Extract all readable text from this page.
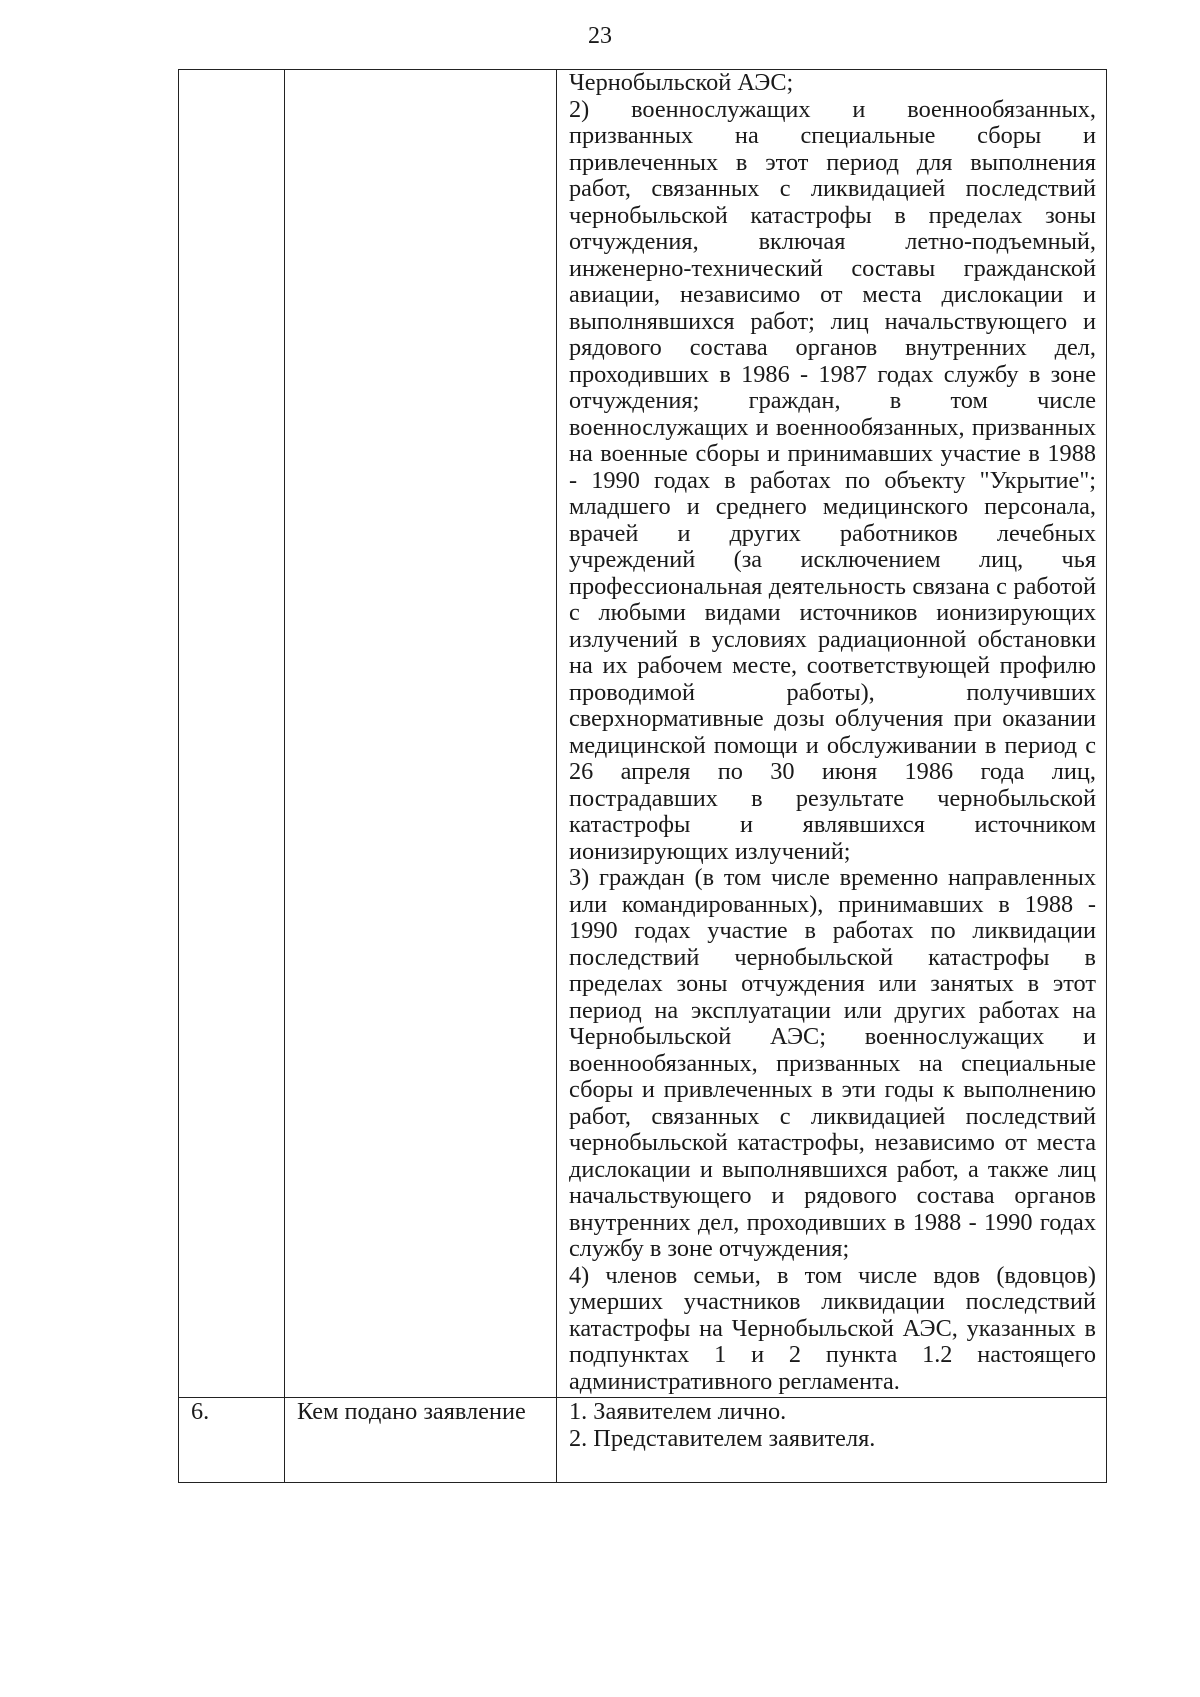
23

		Чернобыльской АЭС;

2) военнослужащих и военнообязанных, призванных на специальные сборы и привлеченных в этот период для выполнения работ, связанных с ликвидацией последствий чернобыльской катастрофы в пределах зоны отчуждения, включая летно-подъемный, инженерно-технический составы гражданской авиации, независимо от места дислокации и выполнявшихся работ; лиц начальствующего и рядового состава органов внутренних дел, проходивших в 1986 - 1987 годах службу в зоне отчуждения; граждан, в том числе военнослужащих и военнообязанных, призванных на военные сборы и принимавших участие в 1988 - 1990 годах в работах по объекту "Укрытие"; младшего и среднего медицинского персонала, врачей и других работников лечебных учреждений (за исключением лиц, чья профессиональная деятельность связана с работой с любыми видами источников ионизирующих излучений в условиях радиационной обстановки на их рабочем месте, соответствующей профилю проводимой работы), получивших сверхнормативные дозы облучения при оказании медицинской помощи и обслуживании в период с 26 апреля по 30 июня 1986 года лиц, пострадавших в результате чернобыльской катастрофы и являвшихся источником ионизирующих излучений;

3) граждан (в том числе временно направленных или командированных), принимавших в 1988 - 1990 годах участие в работах по ликвидации последствий чернобыльской катастрофы в пределах зоны отчуждения или занятых в этот период на эксплуатации или других работах на Чернобыльской АЭС; военнослужащих и военнообязанных, призванных на специальные сборы и привлеченных в эти годы к выполнению работ, связанных с ликвидацией последствий чернобыльской катастрофы, независимо от места дислокации и выполнявшихся работ, а также лиц начальствующего и рядового состава органов внутренних дел, проходивших в 1988 - 1990 годах службу в зоне отчуждения;

4) членов семьи, в том числе вдов (вдовцов) умерших участников ликвидации последствий катастрофы на Чернобыльской АЭС, указанных в подпунктах 1 и 2 пункта 1.2 настоящего административного регламента.

6.	Кем подано заявление	1. Заявителем лично.

2. Представителем заявителя.
